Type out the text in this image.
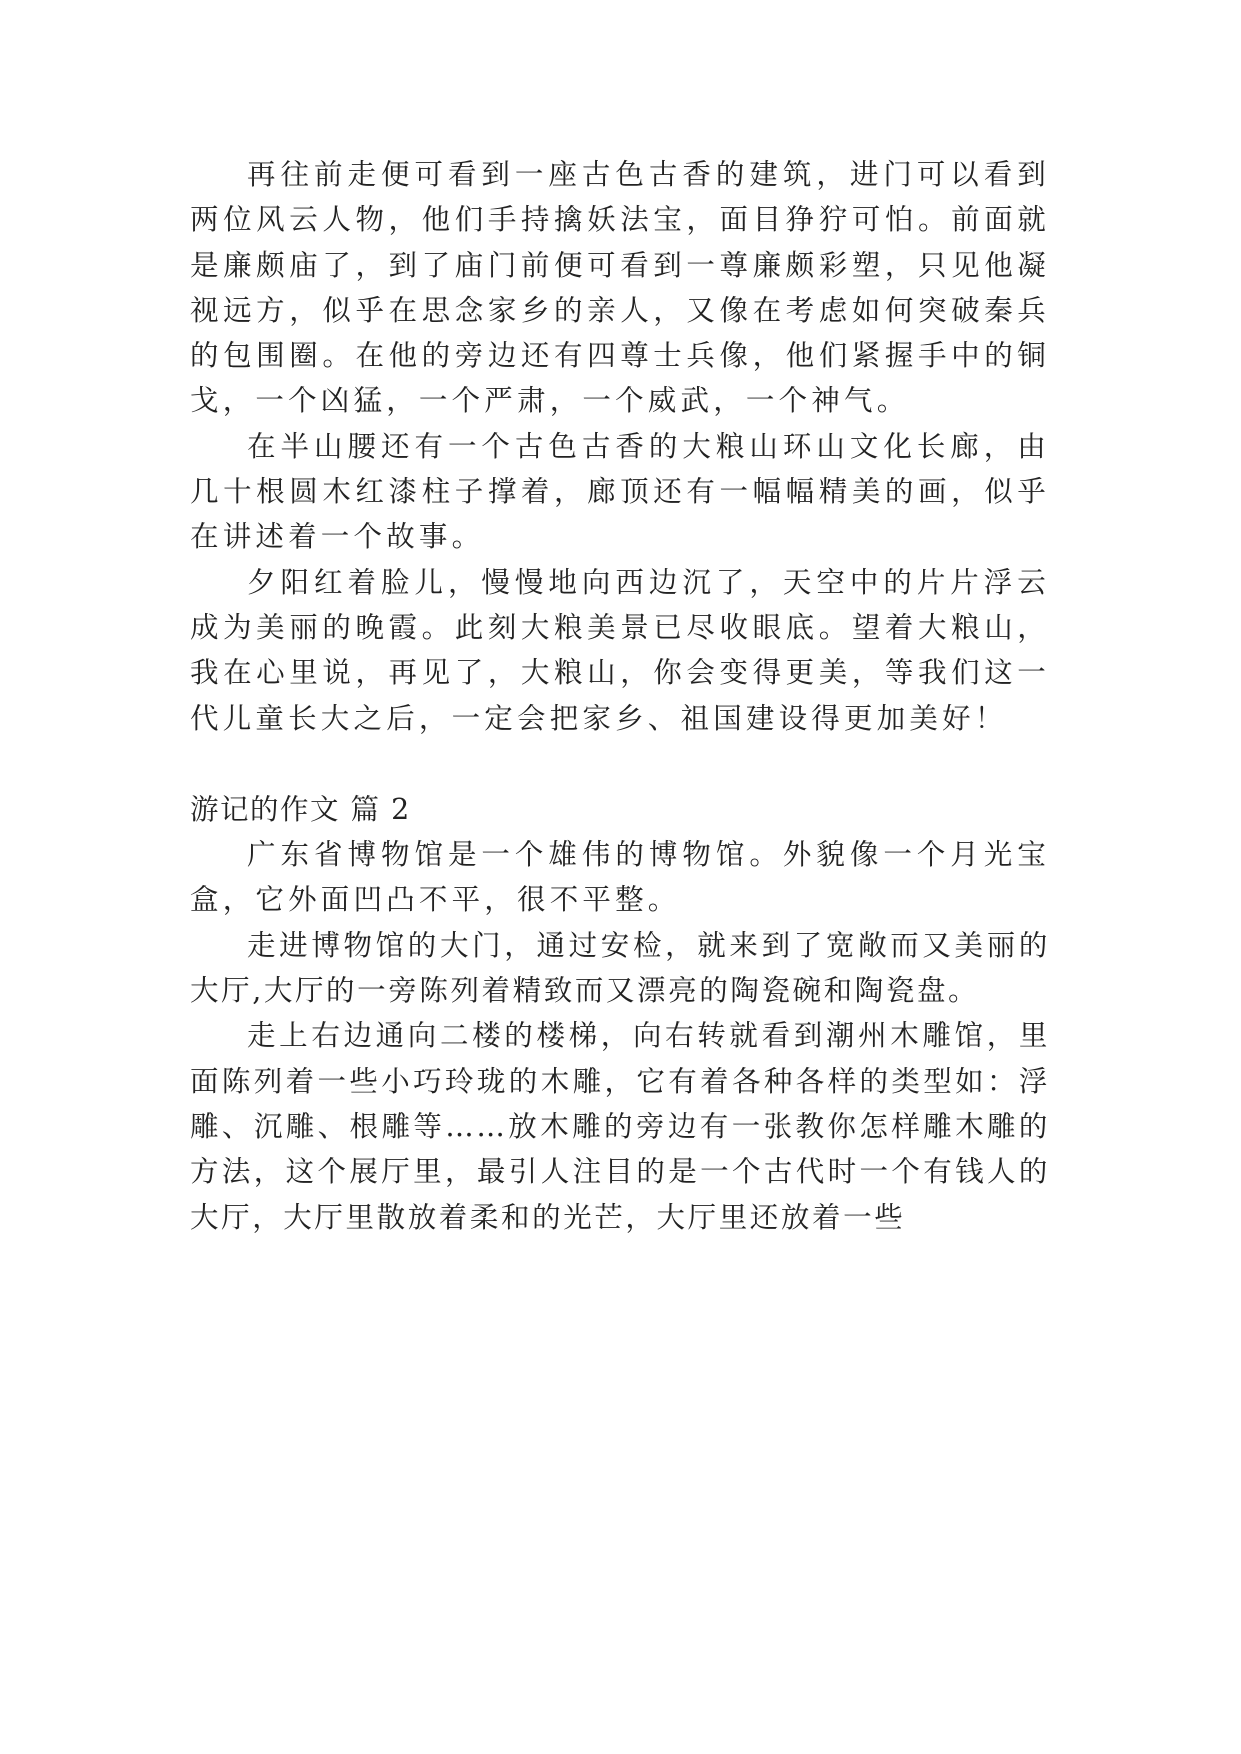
再往前走便可看到一座古色古香的建筑，进门可以看到两位风云人物，他们手持擒妖法宝，面目狰狞可怕。前面就是廉颇庙了，到了庙门前便可看到一尊廉颇彩塑，只见他凝视远方，似乎在思念家乡的亲人，又像在考虑如何突破秦兵的包围圈。在他的旁边还有四尊士兵像，他们紧握手中的铜戈，一个凶猛，一个严肃，一个威武，一个神气。

在半山腰还有一个古色古香的大粮山环山文化长廊，由几十根圆木红漆柱子撑着，廊顶还有一幅幅精美的画，似乎在讲述着一个故事。

夕阳红着脸儿，慢慢地向西边沉了，天空中的片片浮云成为美丽的晚霞。此刻大粮美景已尽收眼底。望着大粮山，我在心里说，再见了，大粮山，你会变得更美，等我们这一代儿童长大之后，一定会把家乡、祖国建设得更加美好！

游记的作文 篇 2

广东省博物馆是一个雄伟的博物馆。外貌像一个月光宝盒，它外面凹凸不平，很不平整。

走进博物馆的大门，通过安检，就来到了宽敞而又美丽的大厅,大厅的一旁陈列着精致而又漂亮的陶瓷碗和陶瓷盘。

走上右边通向二楼的楼梯，向右转就看到潮州木雕馆，里面陈列着一些小巧玲珑的木雕，它有着各种各样的类型如：浮雕、沉雕、根雕等……放木雕的旁边有一张教你怎样雕木雕的方法，这个展厅里，最引人注目的是一个古代时一个有钱人的大厅，大厅里散放着柔和的光芒，大厅里还放着一些
